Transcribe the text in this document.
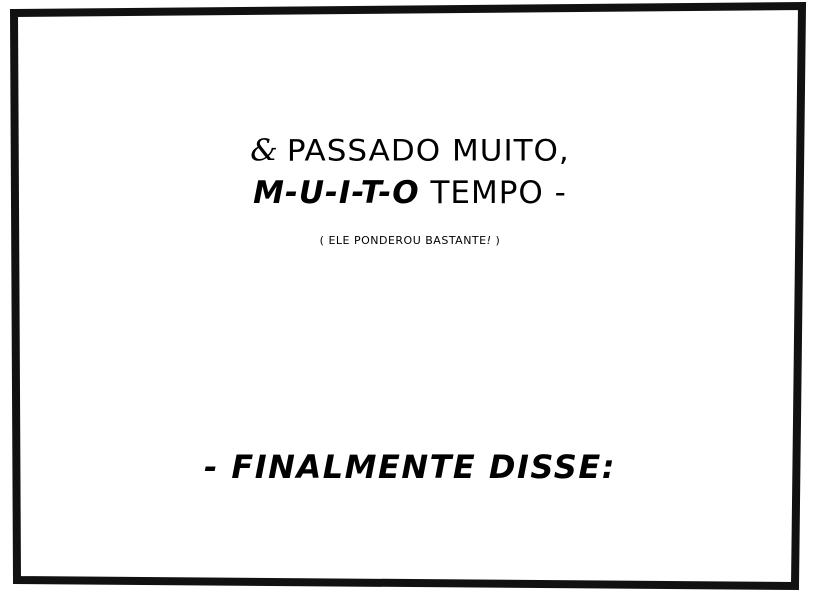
& PASSADO MUITO,
M-U-I-T-O TEMPO -
( ELE PONDEROU BASTANTE! )
- FINALMENTE DISSE:
